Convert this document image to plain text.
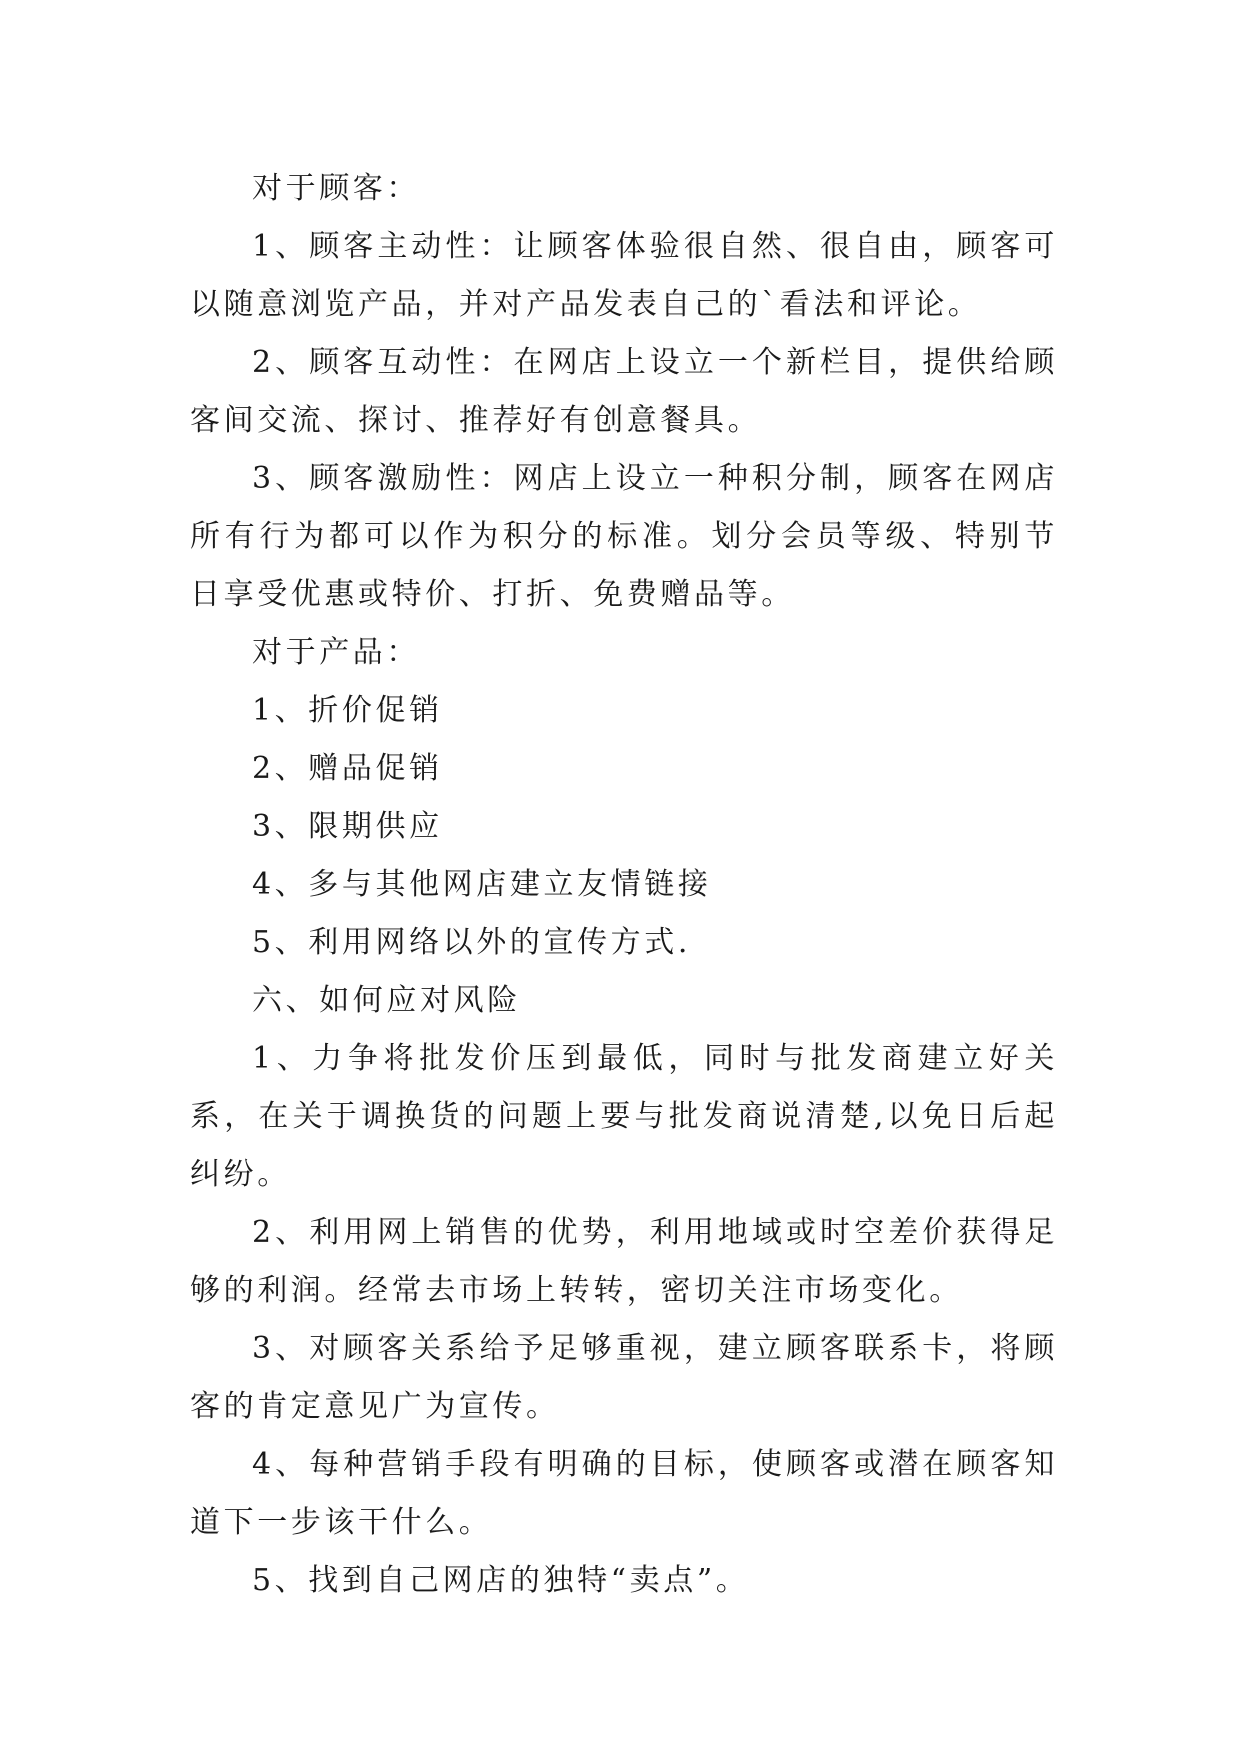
对于顾客：

1、顾客主动性：让顾客体验很自然、很自由，顾客可以随意浏览产品，并对产品发表自己的`看法和评论。

2、顾客互动性：在网店上设立一个新栏目，提供给顾客间交流、探讨、推荐好有创意餐具。

3、顾客激励性：网店上设立一种积分制，顾客在网店所有行为都可以作为积分的标准。划分会员等级、特别节日享受优惠或特价、打折、免费赠品等。

对于产品：

1、折价促销

2、赠品促销

3、限期供应

4、多与其他网店建立友情链接

5、利用网络以外的宣传方式.

六、如何应对风险

1、力争将批发价压到最低，同时与批发商建立好关系，在关于调换货的问题上要与批发商说清楚,以免日后起纠纷。

2、利用网上销售的优势，利用地域或时空差价获得足够的利润。经常去市场上转转，密切关注市场变化。

3、对顾客关系给予足够重视，建立顾客联系卡，将顾客的肯定意见广为宣传。

4、每种营销手段有明确的目标，使顾客或潜在顾客知道下一步该干什么。

5、找到自己网店的独特“卖点”。
